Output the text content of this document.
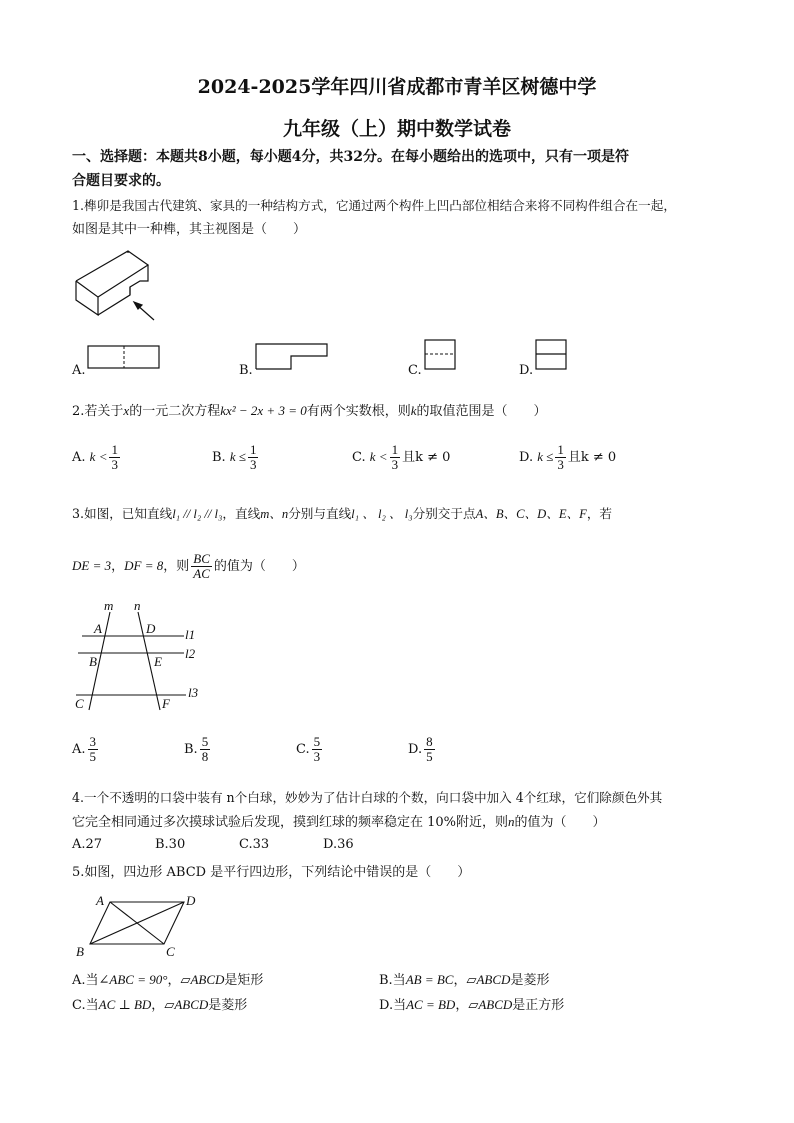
2024-2025学年四川省成都市青羊区树德中学
九年级（上）期中数学试卷
一、选择题：本题共8小题，每小题4分，共32分。在每小题给出的选项中，只有一项是符
合题目要求的。
1.榫卯是我国古代建筑、家具的一种结构方式，它通过两个构件上凹凸部位相结合来将不同构件组合在一起，
如图是其中一种榫，其主视图是（　　）
A.	B.	C.	D.
2.若关于x的一元二次方程kx² − 2x + 3 = 0有两个实数根，则k的取值范围是（　　）
A. $k < \frac{1}{3}$	B. $k \le \frac{1}{3}$	C. $k < \frac{1}{3}$ 且k ≠ 0	D. $k \le \frac{1}{3}$ 且k ≠ 0
3.如图，已知直线l₁ // l₂ // l₃，直线m、n分别与直线l₁ 、 l₂ 、 l₃分别交于点A、B、C、D、E、F，若
DE = 3，DF = 8，则 $\frac{BC}{AC}$ 的值为（　　）
m n
A	D
B	E
C	F
l1
l2
l3
A. $\frac{3}{5}$	B. $\frac{5}{8}$	C. $\frac{5}{3}$	D. $\frac{8}{5}$
4.一个不透明的口袋中装有 n个白球，妙妙为了估计白球的个数，向口袋中加入 4个红球，它们除颜色外其
它完全相同通过多次摸球试验后发现，摸到红球的频率稳定在 10%附近，则n的值为（　　）
A.27	B.30	C.33	D.36
5.如图，四边形 ABCD 是平行四边形，下列结论中错误的是（　　）
A	D
B	C
A.当∠ABC = 90°，▱ABCD是矩形	B.当AB = BC，▱ABCD是菱形
C.当AC ⊥ BD，▱ABCD是菱形	D.当AC = BD，▱ABCD是正方形
